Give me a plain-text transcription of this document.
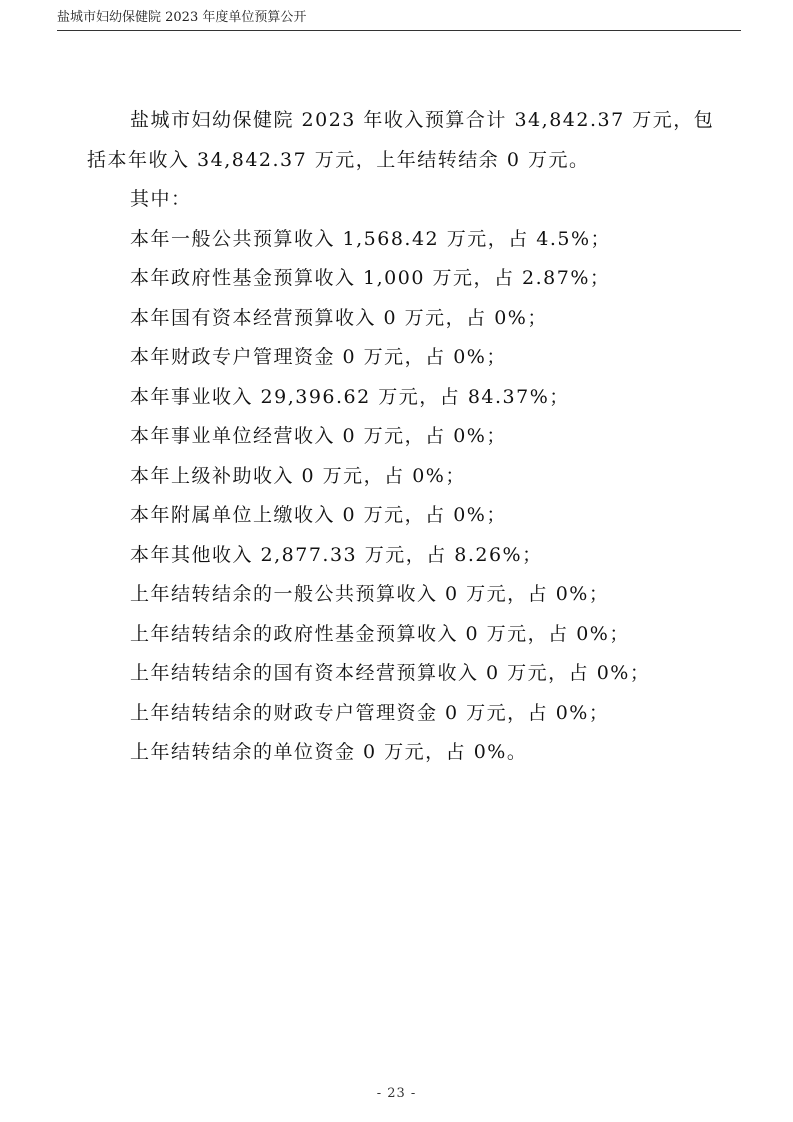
盐城市妇幼保健院 2023 年度单位预算公开

盐城市妇幼保健院 2023 年收入预算合计 34,842.37 万元，包括本年收入 34,842.37 万元，上年结转结余 0 万元。

其中：

本年一般公共预算收入 1,568.42 万元，占 4.5%；

本年政府性基金预算收入 1,000 万元，占 2.87%；

本年国有资本经营预算收入 0 万元，占 0%；

本年财政专户管理资金 0 万元，占 0%；

本年事业收入 29,396.62 万元，占 84.37%；

本年事业单位经营收入 0 万元，占 0%；

本年上级补助收入 0 万元，占 0%；

本年附属单位上缴收入 0 万元，占 0%；

本年其他收入 2,877.33 万元，占 8.26%；

上年结转结余的一般公共预算收入 0 万元，占 0%；

上年结转结余的政府性基金预算收入 0 万元，占 0%；

上年结转结余的国有资本经营预算收入 0 万元，占 0%；

上年结转结余的财政专户管理资金 0 万元，占 0%；

上年结转结余的单位资金 0 万元，占 0%。

- 23 -
